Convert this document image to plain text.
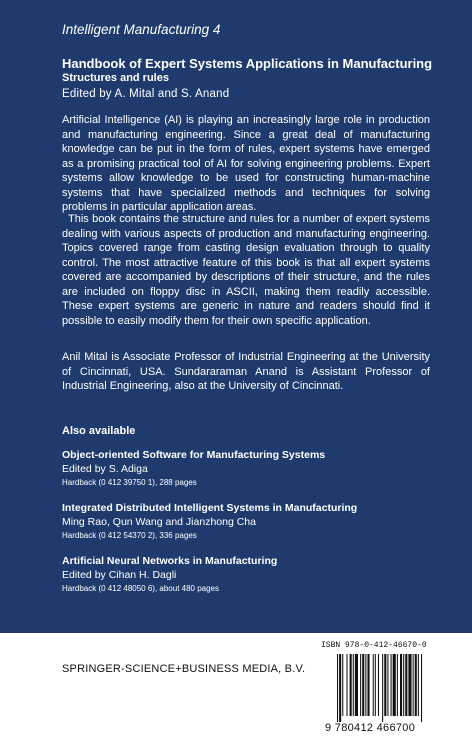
Intelligent Manufacturing 4
Handbook of Expert Systems Applications in Manufacturing
Structures and rules
Edited by A. Mital and S. Anand
Artificial Intelligence (AI) is playing an increasingly large role in production and manufacturing engineering. Since a great deal of manufacturing knowledge can be put in the form of rules, expert systems have emerged as a promising practical tool of AI for solving engineering problems. Expert systems allow knowledge to be used for constructing human-machine systems that have specialized methods and techniques for solving problems in particular application areas.
This book contains the structure and rules for a number of expert systems dealing with various aspects of production and manufacturing engineering. Topics covered range from casting design evaluation through to quality control. The most attractive feature of this book is that all expert systems covered are accompanied by descriptions of their structure, and the rules are included on floppy disc in ASCII, making them readily accessible. These expert systems are generic in nature and readers should find it possible to easily modify them for their own specific application.
Anil Mital is Associate Professor of Industrial Engineering at the University of Cincinnati, USA. Sundararaman Anand is Assistant Professor of Industrial Engineering, also at the University of Cincinnati.
Also available
Object-oriented Software for Manufacturing Systems
Edited by S. Adiga
Hardback (0 412 39750 1), 288 pages
Integrated Distributed Intelligent Systems in Manufacturing
Ming Rao, Qun Wang and Jianzhong Cha
Hardback (0 412 54370 2), 336 pages
Artificial Neural Networks in Manufacturing
Edited by Cihan H. Dagli
Hardback (0 412 48050 6), about 480 pages
SPRINGER-SCIENCE+BUSINESS MEDIA, B.V.
ISBN 978-0-412-46670-0
9 780412 466700
